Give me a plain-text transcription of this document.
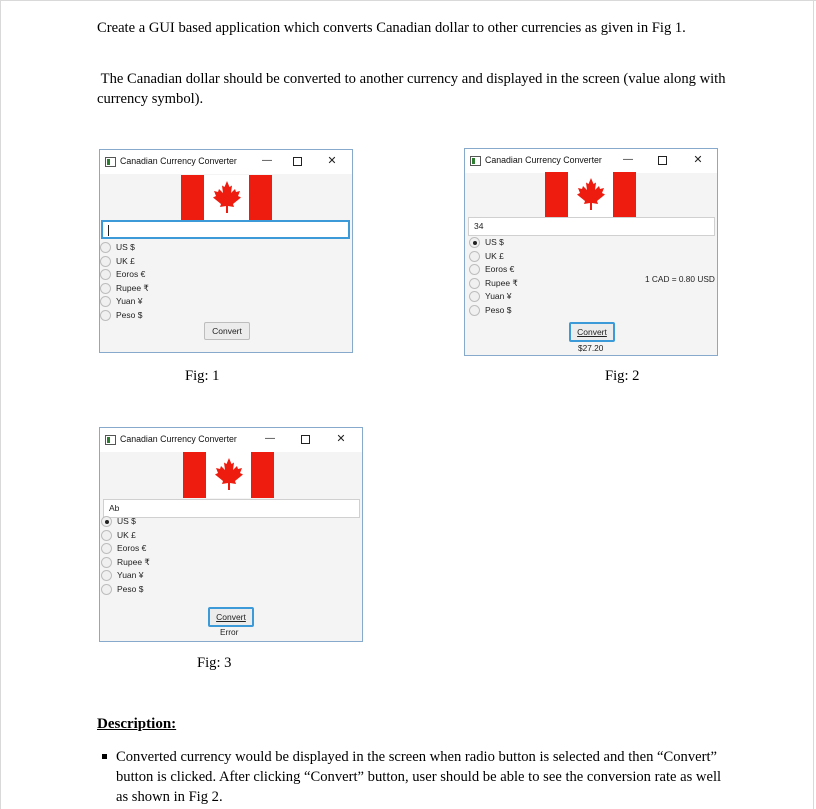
Create a GUI based application which converts Canadian dollar to other currencies as given in Fig 1.

The Canadian dollar should be converted to another currency and displayed in the screen (value along with currency symbol).

Canadian Currency Converter	—	✕
US $
UK £
Eoros €
Rupee ₹
Yuan ¥
Peso $
Convert
Canadian Currency Converter —	✕
34
US $
UK £
Eoros €
Rupee ₹
Yuan ¥
Peso $
1 CAD = 0.80 USD
Convert
$27.20
Fig: 1	Fig: 2
Canadian Currency Converter	—	✕
Ab
US $
UK £
Eoros €
Rupee ₹
Yuan ¥
Peso $
Convert
Error
Fig: 3

Description:

Converted currency would be displayed in the screen when radio button is selected and then “Convert” button is clicked. After clicking “Convert” button, user should be able to see the conversion rate as well as shown in Fig 2.
